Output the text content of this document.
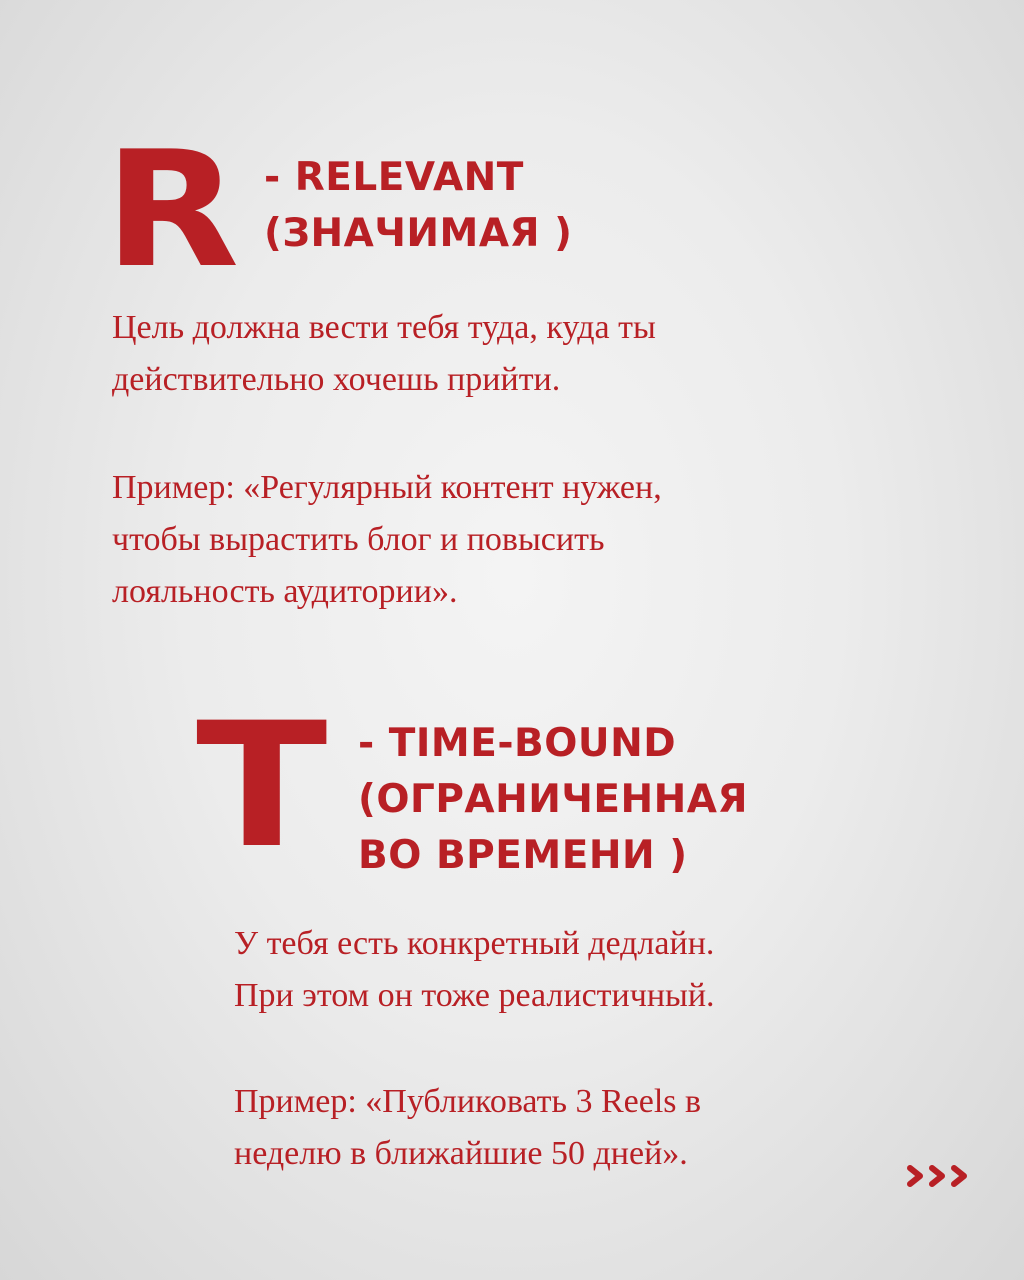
R - RELEVANT
(ЗНАЧИМАЯ )
Цель должна вести тебя туда, куда ты
действительно хочешь прийти.
Пример: «Регулярный контент нужен,
чтобы вырастить блог и повысить
лояльность аудитории».
T - TIME-BOUND
(ОГРАНИЧЕННАЯ
ВО ВРЕМЕНИ )
У тебя есть конкретный дедлайн.
При этом он тоже реалистичный.
Пример: «Публиковать 3 Reels в
неделю в ближайшие 50 дней».
